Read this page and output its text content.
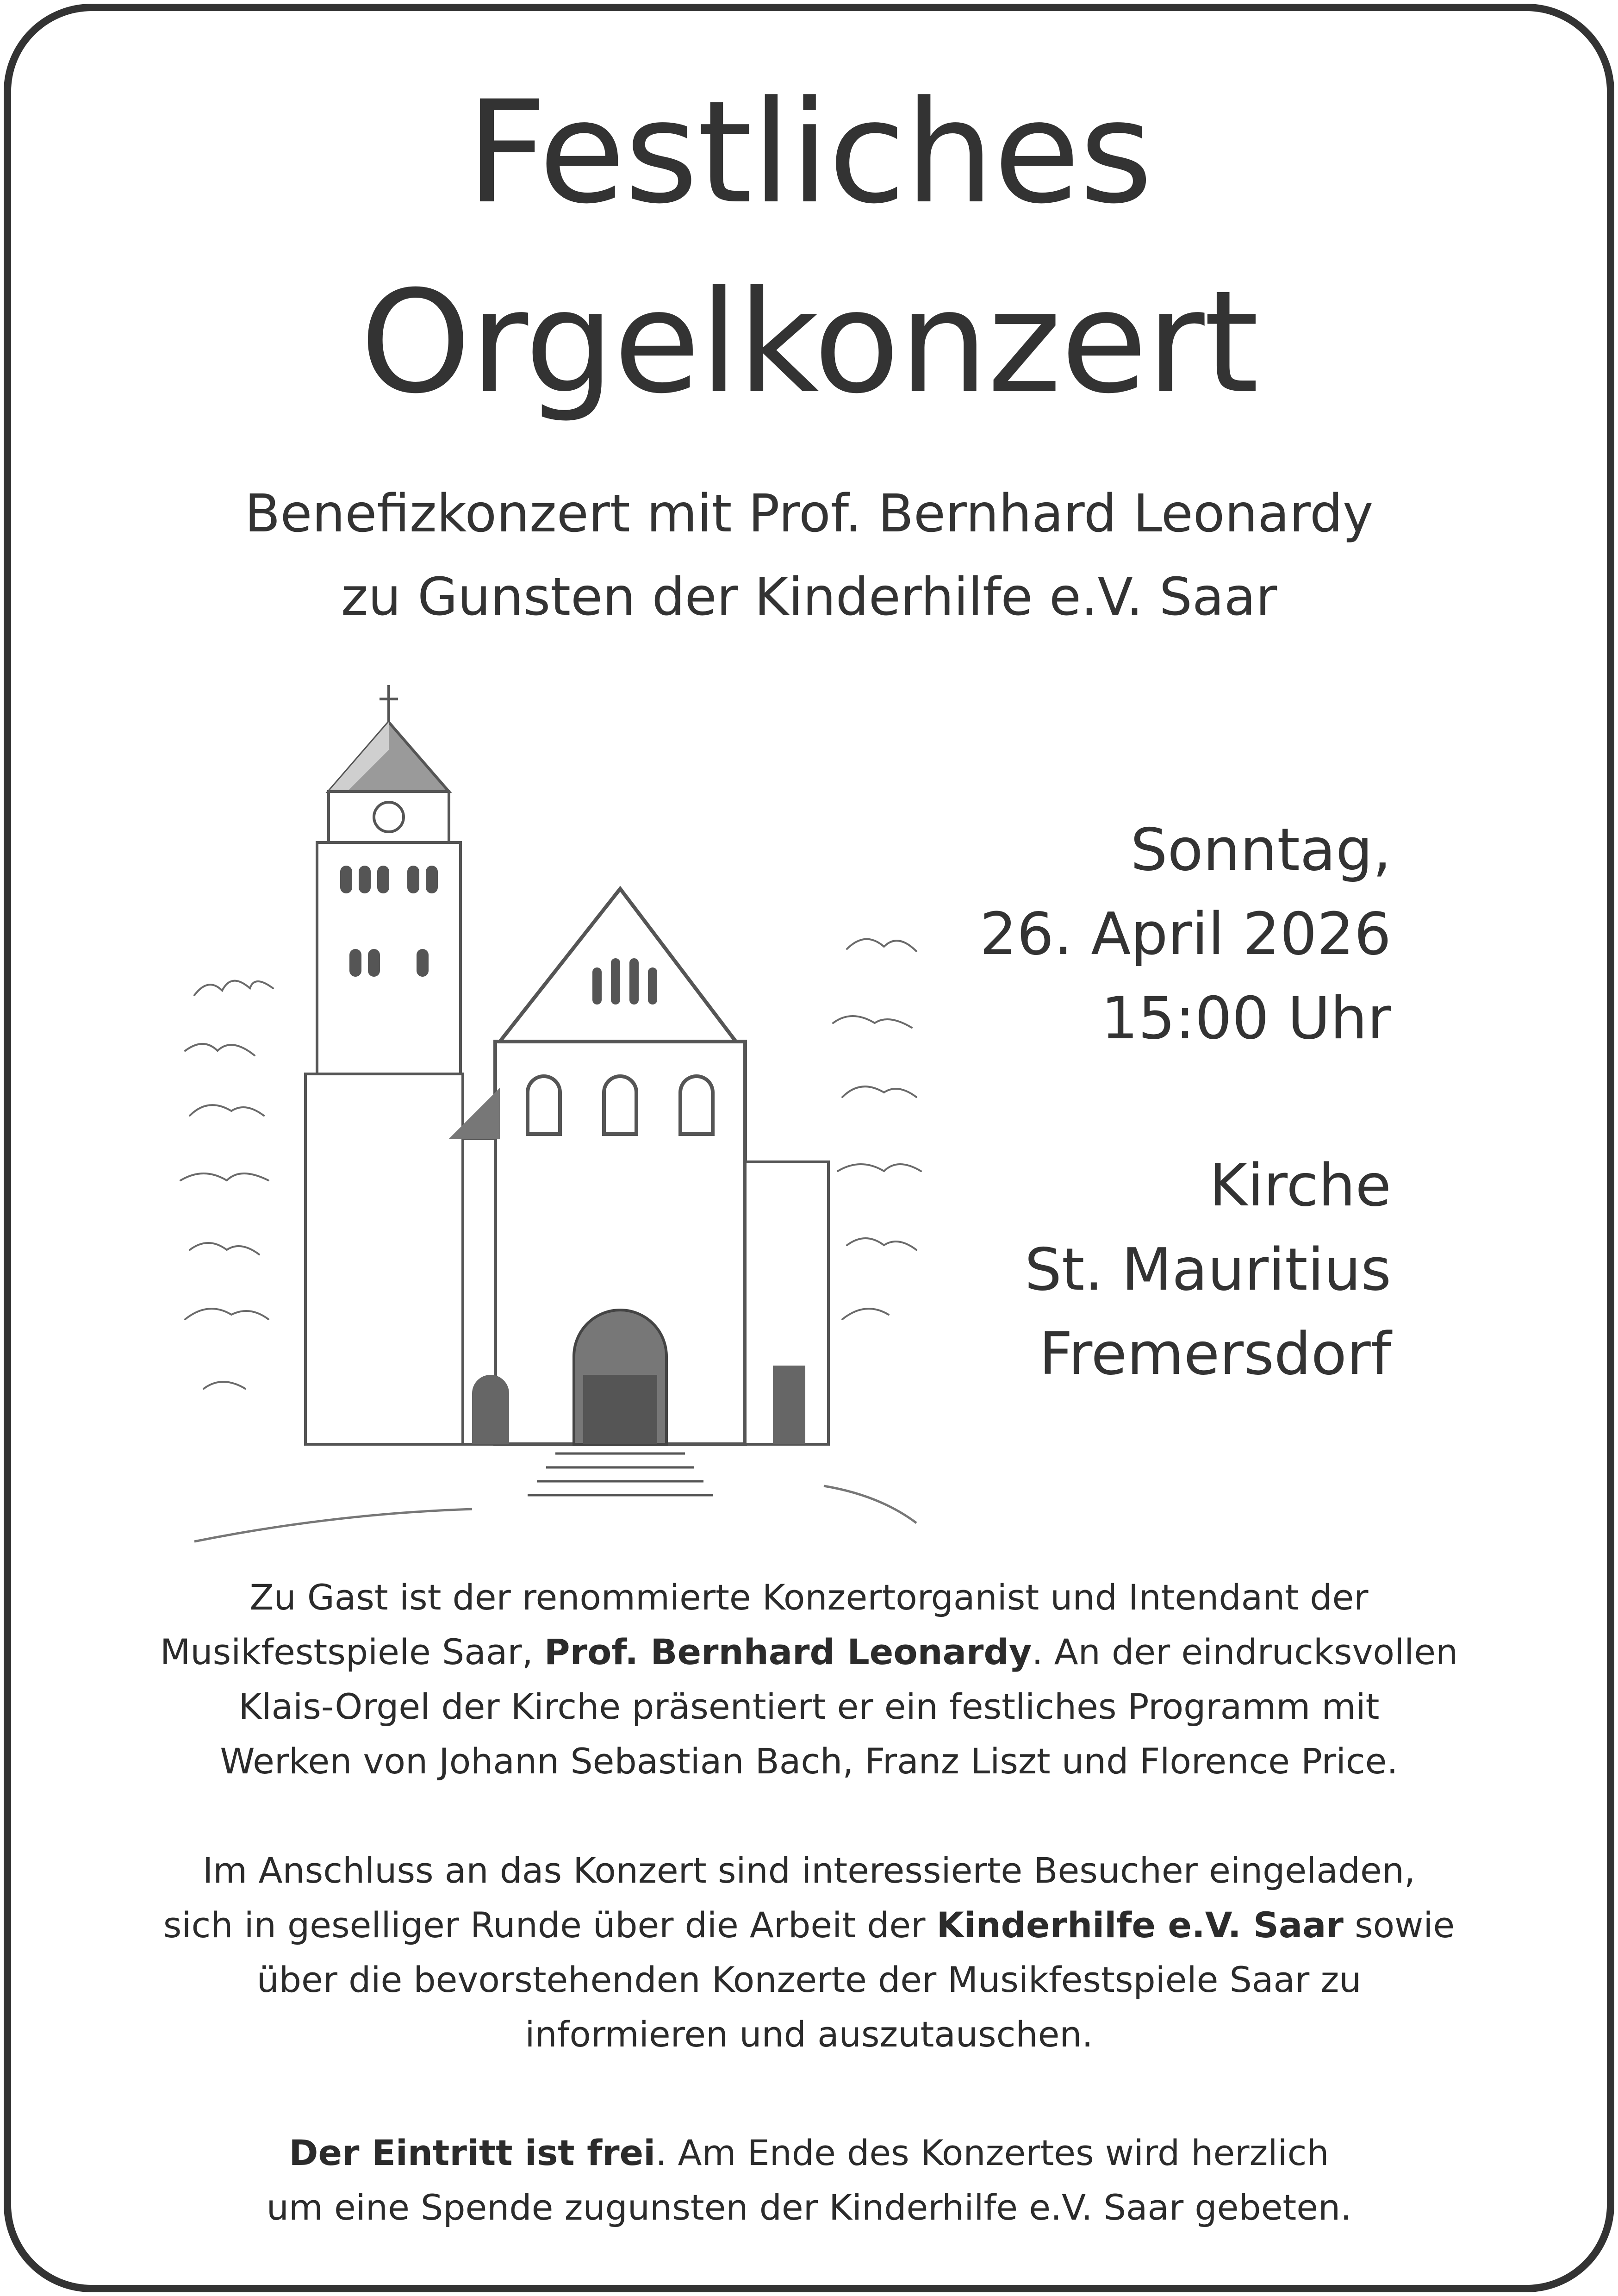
Festliches
Orgelkonzert
Benefizkonzert mit Prof. Bernhard Leonardy
zu Gunsten der Kinderhilfe e.V. Saar
Sonntag,
26. April 2026
15:00 Uhr
Kirche
St. Mauritius
Fremersdorf
Zu Gast ist der renommierte Konzertorganist und Intendant der
Musikfestspiele Saar, Prof. Bernhard Leonardy. An der eindrucksvollen
Klais-Orgel der Kirche präsentiert er ein festliches Programm mit
Werken von Johann Sebastian Bach, Franz Liszt und Florence Price.
Im Anschluss an das Konzert sind interessierte Besucher eingeladen,
sich in geselliger Runde über die Arbeit der Kinderhilfe e.V. Saar sowie
über die bevorstehenden Konzerte der Musikfestspiele Saar zu
informieren und auszutauschen.
Der Eintritt ist frei. Am Ende des Konzertes wird herzlich
um eine Spende zugunsten der Kinderhilfe e.V. Saar gebeten.
